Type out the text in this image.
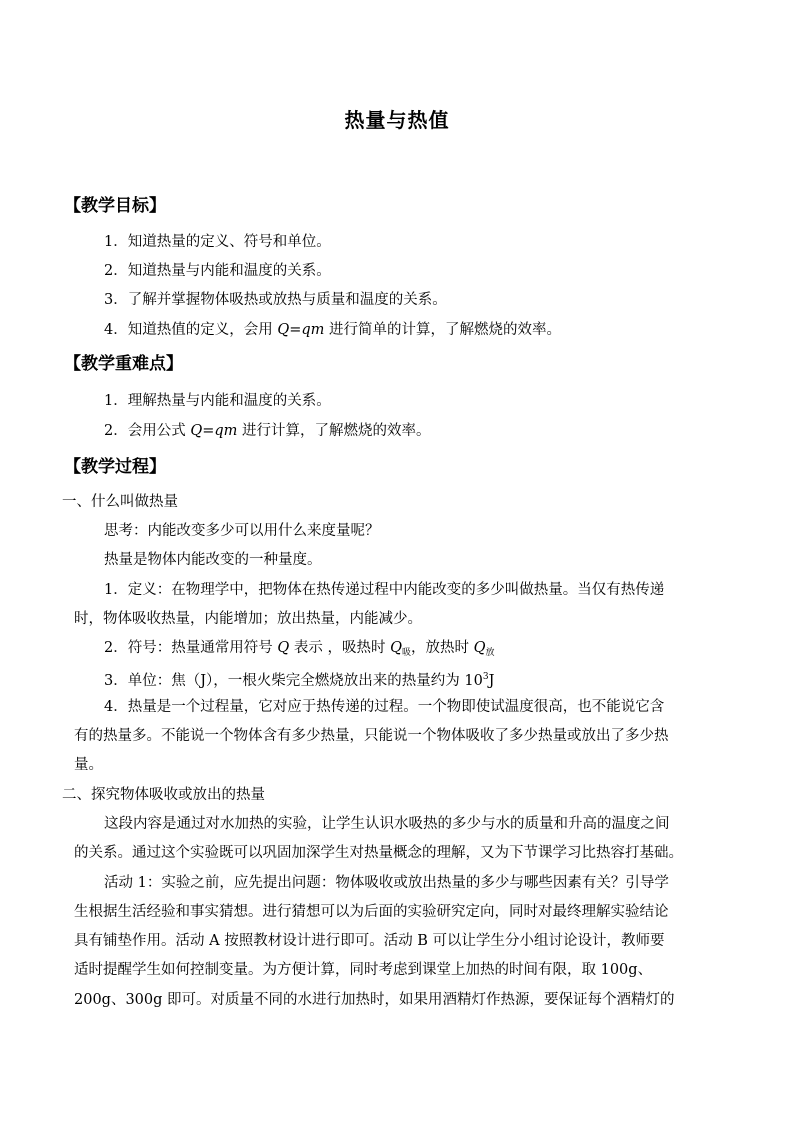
热量与热值
【教学目标】
1．知道热量的定义、符号和单位。
2．知道热量与内能和温度的关系。
3．了解并掌握物体吸热或放热与质量和温度的关系。
4．知道热值的定义，会用 Q=qm 进行简单的计算，了解燃烧的效率。
【教学重难点】
1．理解热量与内能和温度的关系。
2．会用公式 Q=qm 进行计算，了解燃烧的效率。
【教学过程】
一、什么叫做热量
思考：内能改变多少可以用什么来度量呢？
热量是物体内能改变的一种量度。
1．定义：在物理学中，把物体在热传递过程中内能改变的多少叫做热量。当仅有热传递
时，物体吸收热量，内能增加；放出热量，内能减少。
2．符号：热量通常用符号 Q 表示 ，吸热时 $Q_吸$，放热时 $Q_放$
3．单位：焦（J），一根火柴完全燃烧放出来的热量约为 $10^3J$
4．热量是一个过程量，它对应于热传递的过程。一个物即使试温度很高，也不能说它含
有的热量多。不能说一个物体含有多少热量，只能说一个物体吸收了多少热量或放出了多少热
量。
二、探究物体吸收或放出的热量
这段内容是通过对水加热的实验，让学生认识水吸热的多少与水的质量和升高的温度之间
的关系。通过这个实验既可以巩固加深学生对热量概念的理解，又为下节课学习比热容打基础。
活动 1：实验之前，应先提出问题：物体吸收或放出热量的多少与哪些因素有关？引导学
生根据生活经验和事实猜想。进行猜想可以为后面的实验研究定向，同时对最终理解实验结论
具有铺垫作用。活动 A 按照教材设计进行即可。活动 B 可以让学生分小组讨论设计，教师要
适时提醒学生如何控制变量。为方便计算，同时考虑到课堂上加热的时间有限，取 100g、
200g、300g 即可。对质量不同的水进行加热时，如果用酒精灯作热源，要保证每个酒精灯的
